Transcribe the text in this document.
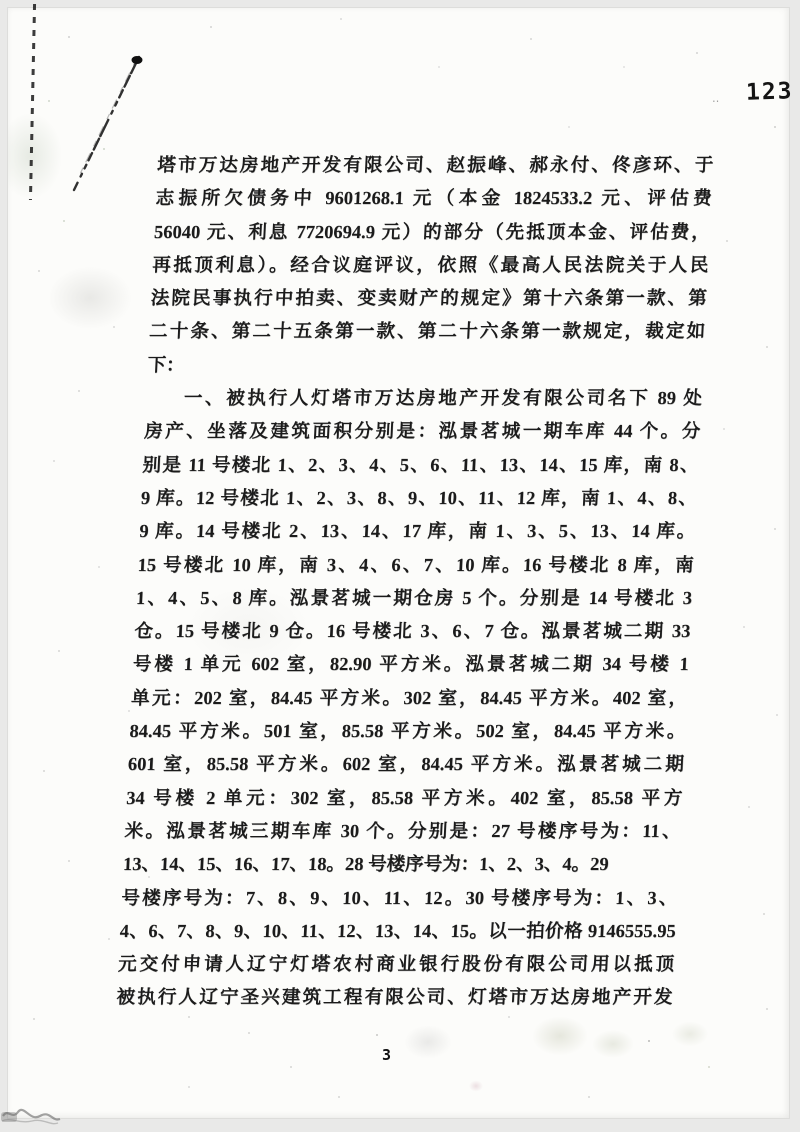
‥ 123
塔市万达房地产开发有限公司、赵振峰、郝永付、佟彦环、于
志振所欠债务中 9601268.1 元（本金 1824533.2 元、评估费
56040 元、利息 7720694.9 元）的部分（先抵顶本金、评估费，
再抵顶利息）。经合议庭评议，依照《最高人民法院关于人民
法院民事执行中拍卖、变卖财产的规定》第十六条第一款、第
二十条、第二十五条第一款、第二十六条第一款规定，裁定如
下：
一、被执行人灯塔市万达房地产开发有限公司名下 89 处
房产、坐落及建筑面积分别是：泓景茗城一期车库 44 个。分
别是 11 号楼北 1、2、3、4、5、6、11、13、14、15 库，南 8、
9 库。12 号楼北 1、2、3、8、9、10、11、12 库，南 1、4、8、
9 库。14 号楼北 2、13、14、17 库，南 1、3、5、13、14 库。
15 号楼北 10 库，南 3、4、6、7、10 库。16 号楼北 8 库，南
1、4、5、8 库。泓景茗城一期仓房 5 个。分别是 14 号楼北 3
仓。15 号楼北 9 仓。16 号楼北 3、6、7 仓。泓景茗城二期 33
号楼 1 单元 602 室，82.90 平方米。泓景茗城二期 34 号楼 1
单元：202 室，84.45 平方米。302 室，84.45 平方米。402 室，
84.45 平方米。501 室，85.58 平方米。502 室，84.45 平方米。
601 室，85.58 平方米。602 室，84.45 平方米。泓景茗城二期
34 号楼 2 单元：302 室，85.58 平方米。402 室，85.58 平方
米。泓景茗城三期车库 30 个。分别是：27 号楼序号为：11、
13、14、15、16、17、18。28 号楼序号为：1、2、3、4。29
号楼序号为：7、8、9、10、11、12。30 号楼序号为：1、3、
4、6、7、8、9、10、11、12、13、14、15。以一拍价格 9146555.95
元交付申请人辽宁灯塔农村商业银行股份有限公司用以抵顶
被执行人辽宁圣兴建筑工程有限公司、灯塔市万达房地产开发
3
